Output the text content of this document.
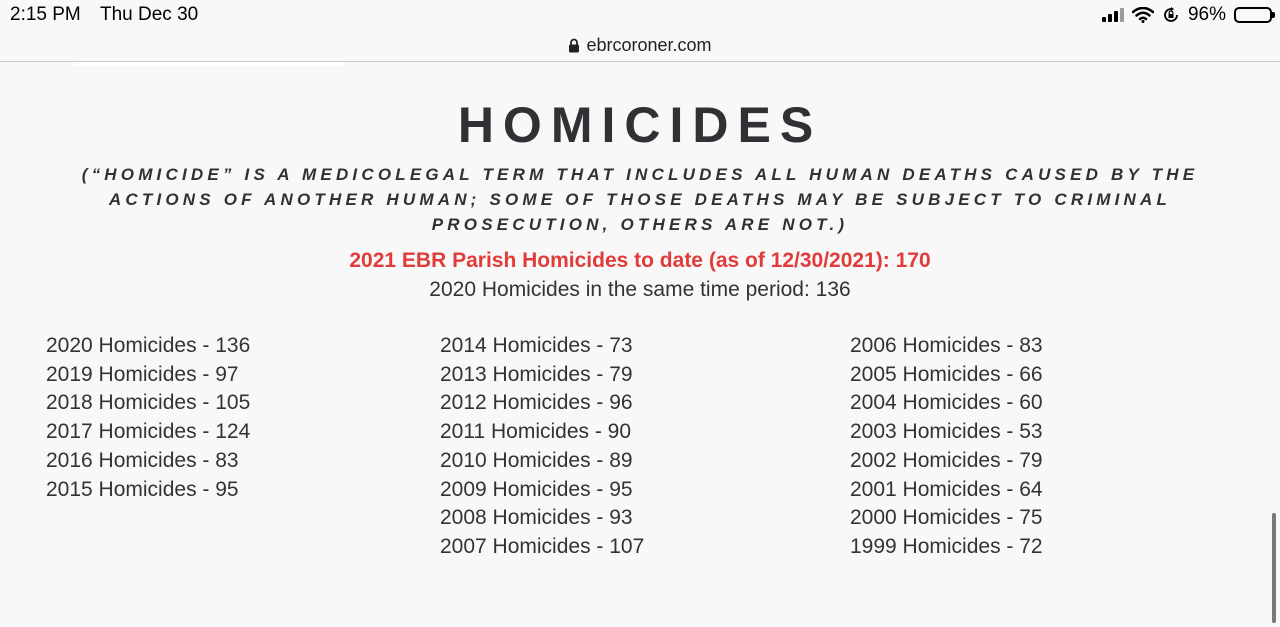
2:15 PM Thu Dec 30	96%
ebrcoroner.com
HOMICIDES
(“HOMICIDE” IS A MEDICOLEGAL TERM THAT INCLUDES ALL HUMAN DEATHS CAUSED BY THE ACTIONS OF ANOTHER HUMAN; SOME OF THOSE DEATHS MAY BE SUBJECT TO CRIMINAL PROSECUTION, OTHERS ARE NOT.)
2021 EBR Parish Homicides to date (as of 12/30/2021): 170
2020 Homicides in the same time period: 136
2020 Homicides - 136
2019 Homicides - 97
2018 Homicides - 105
2017 Homicides - 124
2016 Homicides - 83
2015 Homicides - 95
2014 Homicides - 73
2013 Homicides - 79
2012 Homicides - 96
2011 Homicides - 90
2010 Homicides - 89
2009 Homicides - 95
2008 Homicides - 93
2007 Homicides - 107
2006 Homicides - 83
2005 Homicides - 66
2004 Homicides - 60
2003 Homicides - 53
2002 Homicides - 79
2001 Homicides - 64
2000 Homicides - 75
1999 Homicides - 72
